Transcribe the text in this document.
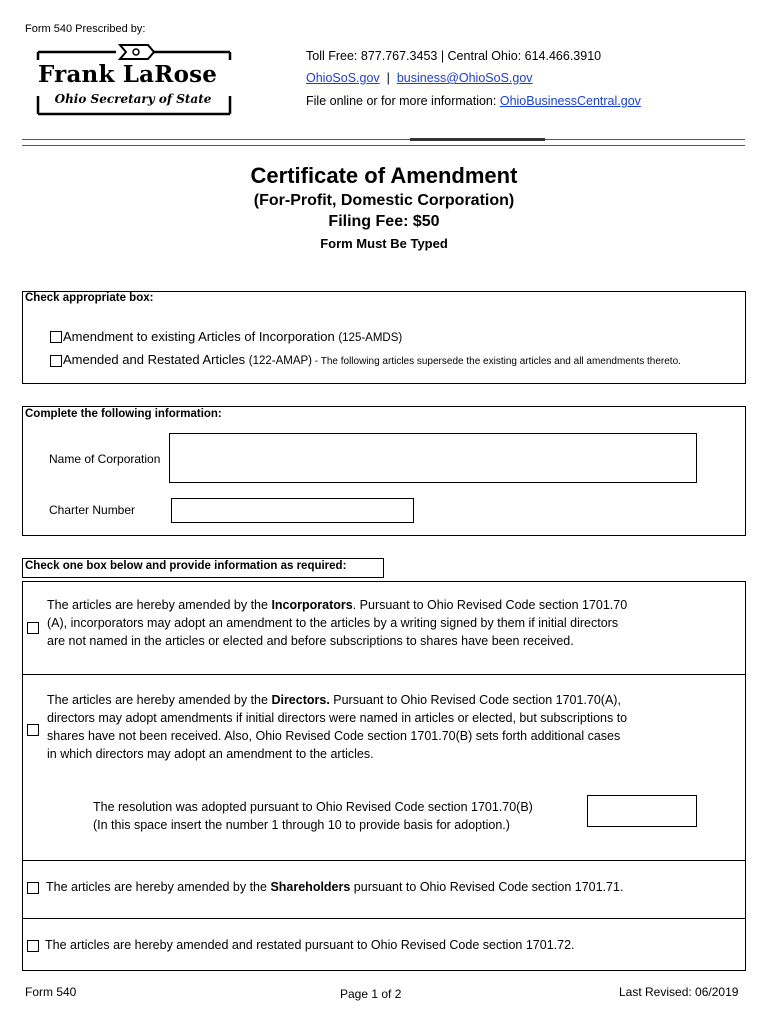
Form 540 Prescribed by:
Frank LaRose
Ohio Secretary of State
Toll Free: 877.767.3453 | Central Ohio: 614.466.3910
OhioSoS.gov | business@OhioSoS.gov
File online or for more information: OhioBusinessCentral.gov
Certificate of Amendment
(For-Profit, Domestic Corporation)
Filing Fee: $50
Form Must Be Typed
Check appropriate box:
Amendment to existing Articles of Incorporation (125-AMDS)
Amended and Restated Articles (122-AMAP) - The following articles supersede the existing articles and all amendments thereto.
Complete the following information:
Name of Corporation
Charter Number
Check one box below and provide information as required:
The articles are hereby amended by the Incorporators. Pursuant to Ohio Revised Code section 1701.70
(A), incorporators may adopt an amendment to the articles by a writing signed by them if initial directors
are not named in the articles or elected and before subscriptions to shares have been received.
The articles are hereby amended by the Directors. Pursuant to Ohio Revised Code section 1701.70(A),
directors may adopt amendments if initial directors were named in articles or elected, but subscriptions to
shares have not been received. Also, Ohio Revised Code section 1701.70(B) sets forth additional cases
in which directors may adopt an amendment to the articles.
The resolution was adopted pursuant to Ohio Revised Code section 1701.70(B)
(In this space insert the number 1 through 10 to provide basis for adoption.)
The articles are hereby amended by the Shareholders pursuant to Ohio Revised Code section 1701.71.
The articles are hereby amended and restated pursuant to Ohio Revised Code section 1701.72.
Form 540	Page 1 of 2	Last Revised: 06/2019
